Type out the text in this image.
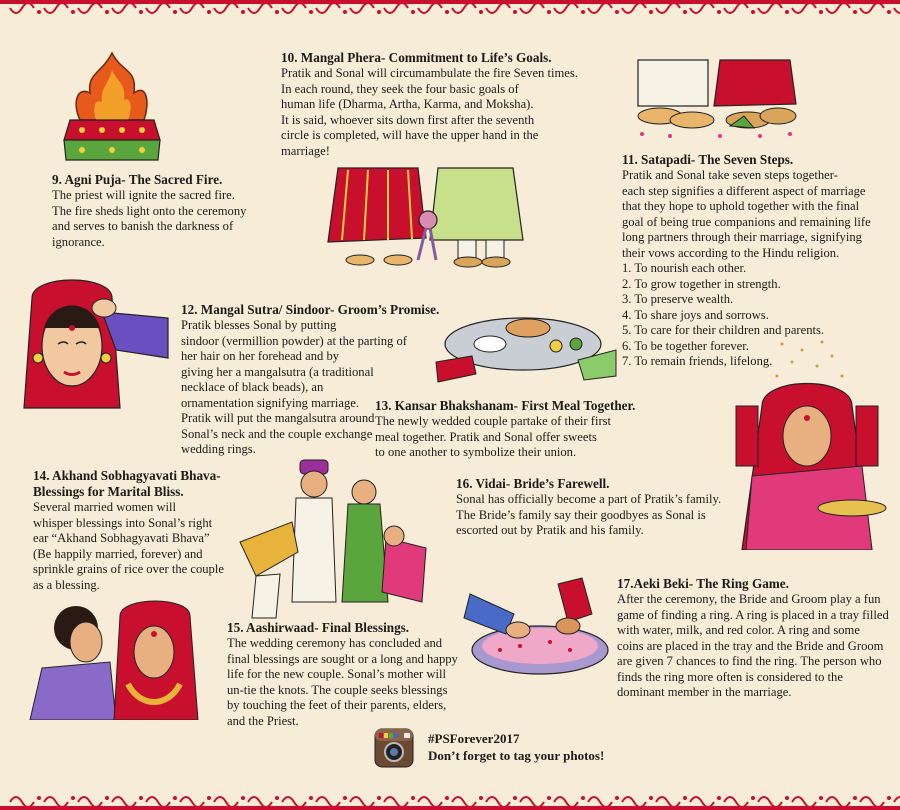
9. Agni Puja- The Sacred Fire.

The priest will ignite the sacred fire.

The fire sheds light onto the ceremony

and serves to banish the darkness of

ignorance.

10. Mangal Phera- Commitment to Life’s Goals.

Pratik and Sonal will circumambulate the fire Seven times.

In each round, they seek the four basic goals of

human life (Dharma, Artha, Karma, and Moksha).

It is said, whoever sits down first after the seventh

circle is completed, will have the upper hand in the

marriage!

11. Satapadi- The Seven Steps.

Pratik and Sonal take seven steps together-

each step signifies a different aspect of marriage

that they hope to uphold together with the final

goal of being true companions and remaining life

long partners through their marriage, signifying

their vows according to the Hindu religion.

1. To nourish each other.
2. To grow together in strength.
3. To preserve wealth.
4. To share joys and sorrows.
5. To care for their children and parents.
6. To be together forever.
7. To remain friends, lifelong.
12. Mangal Sutra/ Sindoor- Groom’s Promise.

Pratik blesses Sonal by putting

sindoor (vermillion powder) at the parting of

her hair on her forehead and by

giving her a mangalsutra (a traditional

necklace of black beads), an

ornamentation signifying marriage.

Pratik will put the mangalsutra around

Sonal’s neck and the couple exchange

wedding rings.

13. Kansar Bhakshanam- First Meal Together.

The newly wedded couple partake of their first

meal together. Pratik and Sonal offer sweets

to one another to symbolize their union.

14. Akhand Sobhagyavati Bhava-
Blessings for Marital Bliss.

Several married women will

whisper blessings into Sonal’s right

ear “Akhand Sobhagyavati Bhava”

(Be happily married, forever) and

sprinkle grains of rice over the couple

as a blessing.

16. Vidai- Bride’s Farewell.

Sonal has officially become a part of Pratik’s family.

The Bride’s family say their goodbyes as Sonal is

escorted out by Pratik and his family.

15. Aashirwaad- Final Blessings.

The wedding ceremony has concluded and

final blessings are sought or a long and happy

life for the new couple. Sonal’s mother will

un-tie the knots. The couple seeks blessings

by touching the feet of their parents, elders,

and the Priest.

17.Aeki Beki- The Ring Game.

After the ceremony, the Bride and Groom play a fun

game of finding a ring. A ring is placed in a tray filled

with water, milk, and red color. A ring and some

coins are placed in the tray and the Bride and Groom

are given 7 chances to find the ring. The person who

finds the ring more often is considered to the

dominant member in the marriage.

#PSForever2017
Don’t forget to tag your photos!
